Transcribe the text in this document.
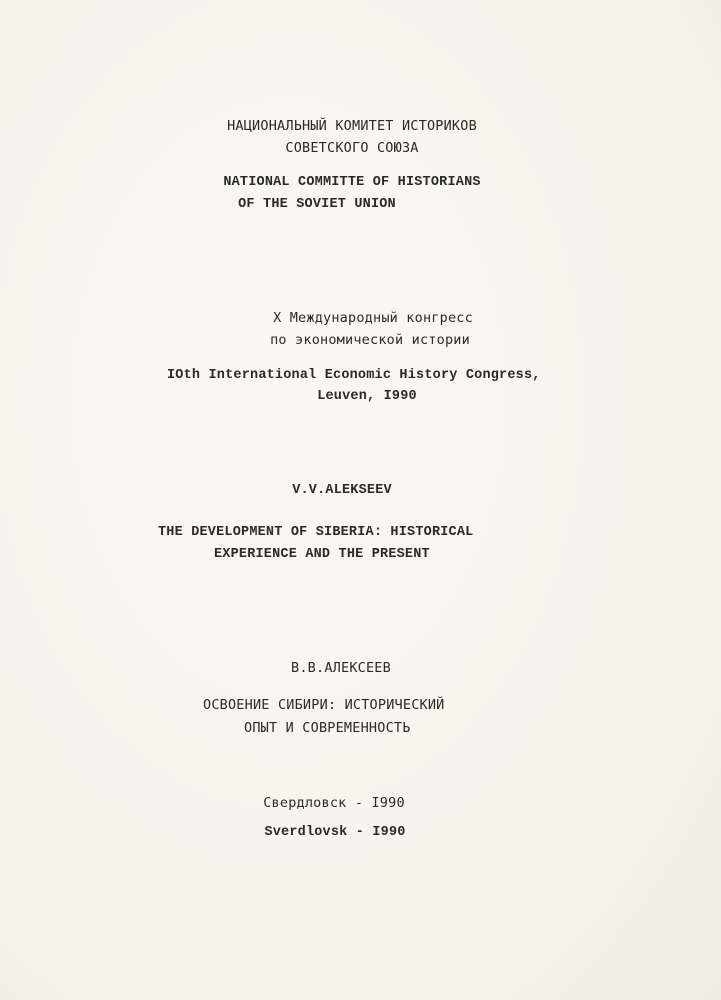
НАЦИОНАЛЬНЫЙ КОМИТЕТ ИСТОРИКОВ
СОВЕТСКОГО СОЮЗА
NATIONAL COMMITTE OF HISTORIANS
OF THE SOVIET UNION
X Международный конгресс
по экономической истории
IOth International Economic History Congress,
Leuven, I990
V.V.ALEKSEEV
THE DEVELOPMENT OF SIBERIA: HISTORICAL
EXPERIENCE AND THE PRESENT
В.В.АЛЕКСЕЕВ
ОСВОЕНИЕ СИБИРИ: ИСТОРИЧЕСКИЙ
ОПЫТ И СОВРЕМЕННОСТЬ
Свердловск - I990
Sverdlovsk - I990
